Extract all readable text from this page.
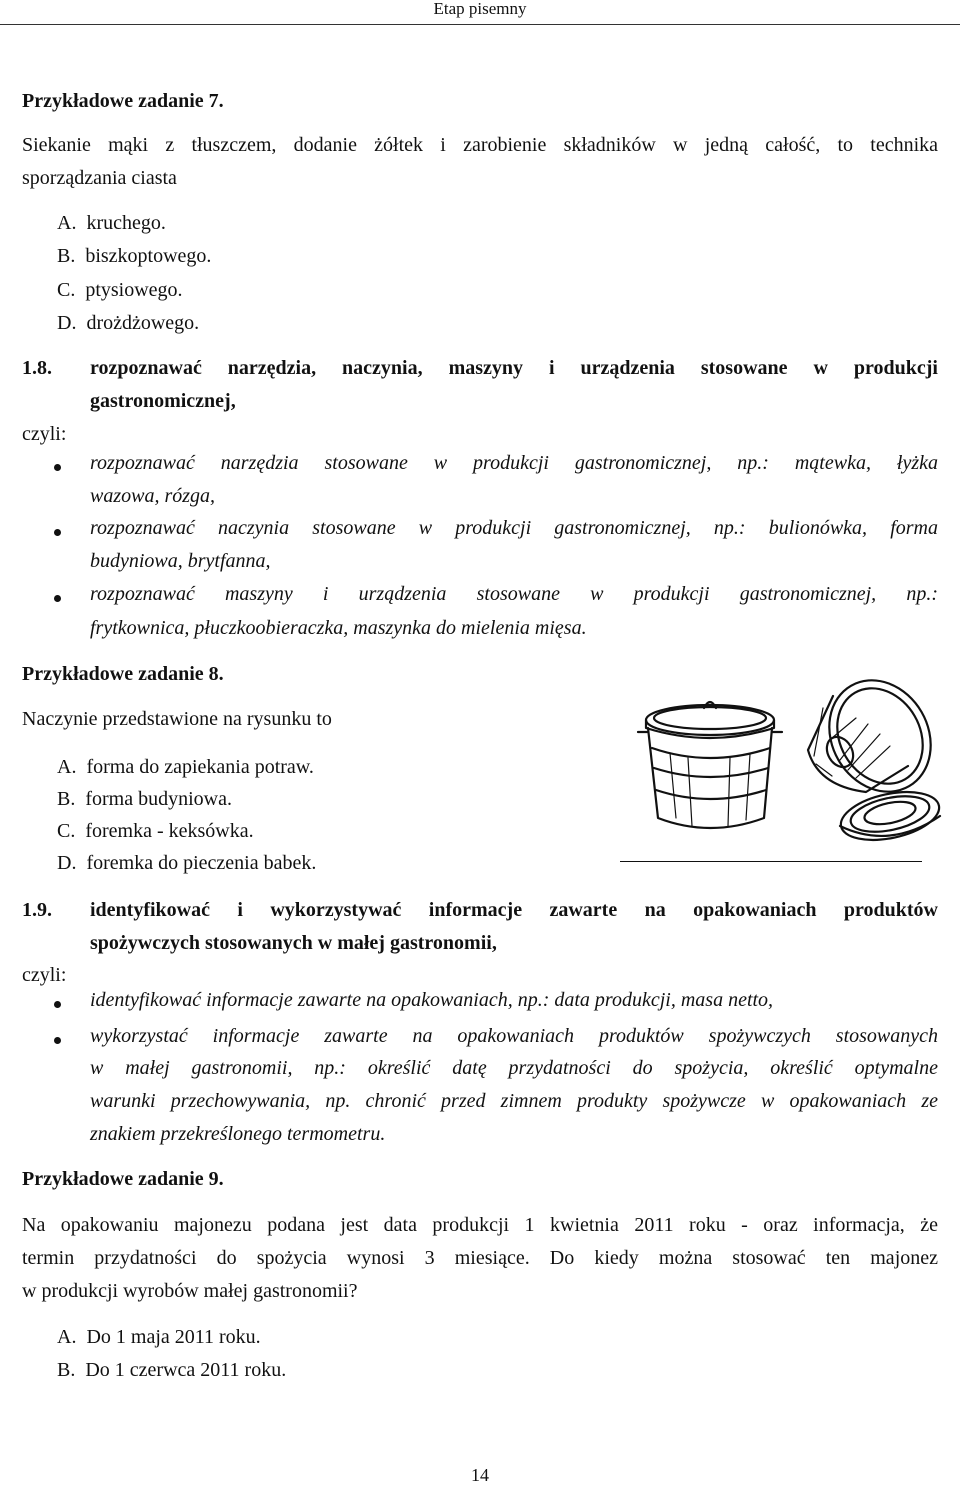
Etap pisemny
Przykładowe zadanie 7.
Siekanie mąki z tłuszczem, dodanie żółtek i zarobienie składników w jedną całość, to technika
sporządzania ciasta
A.  kruchego.
B.  biszkoptowego.
C.  ptysiowego.
D.  drożdżowego.
1.8. rozpoznawać narzędzia, naczynia, maszyny i urządzenia stosowane w produkcji
gastronomicznej,
czyli:
rozpoznawać narzędzia stosowane w produkcji gastronomicznej, np.: mątewka, łyżka
wazowa, rózga,
rozpoznawać naczynia stosowane w produkcji gastronomicznej, np.: bulionówka, forma
budyniowa, brytfanna,
rozpoznawać maszyny i urządzenia stosowane w produkcji gastronomicznej, np.:
frytkownica, płuczkoobieraczka, maszynka do mielenia mięsa.
Przykładowe zadanie 8.
Naczynie przedstawione na rysunku to
A.  forma do zapiekania potraw.
B.  forma budyniowa.
C.  foremka - keksówka.
D.  foremka do pieczenia babek.
1.9. identyfikować i wykorzystywać informacje zawarte na opakowaniach produktów
spożywczych stosowanych w małej gastronomii,
czyli:
identyfikować informacje zawarte na opakowaniach, np.: data produkcji, masa netto,
wykorzystać informacje zawarte na opakowaniach produktów spożywczych stosowanych
w małej gastronomii, np.: określić datę przydatności do spożycia, określić optymalne
warunki przechowywania, np. chronić przed zimnem produkty spożywcze w opakowaniach ze
znakiem przekreślonego termometru.
Przykładowe zadanie 9.
Na opakowaniu majonezu podana jest data produkcji 1 kwietnia 2011 roku - oraz informacja, że
termin przydatności do spożycia wynosi 3 miesiące. Do kiedy można stosować ten majonez
w produkcji wyrobów małej gastronomii?
A.  Do 1 maja 2011 roku.
B.  Do 1 czerwca 2011 roku.
14
